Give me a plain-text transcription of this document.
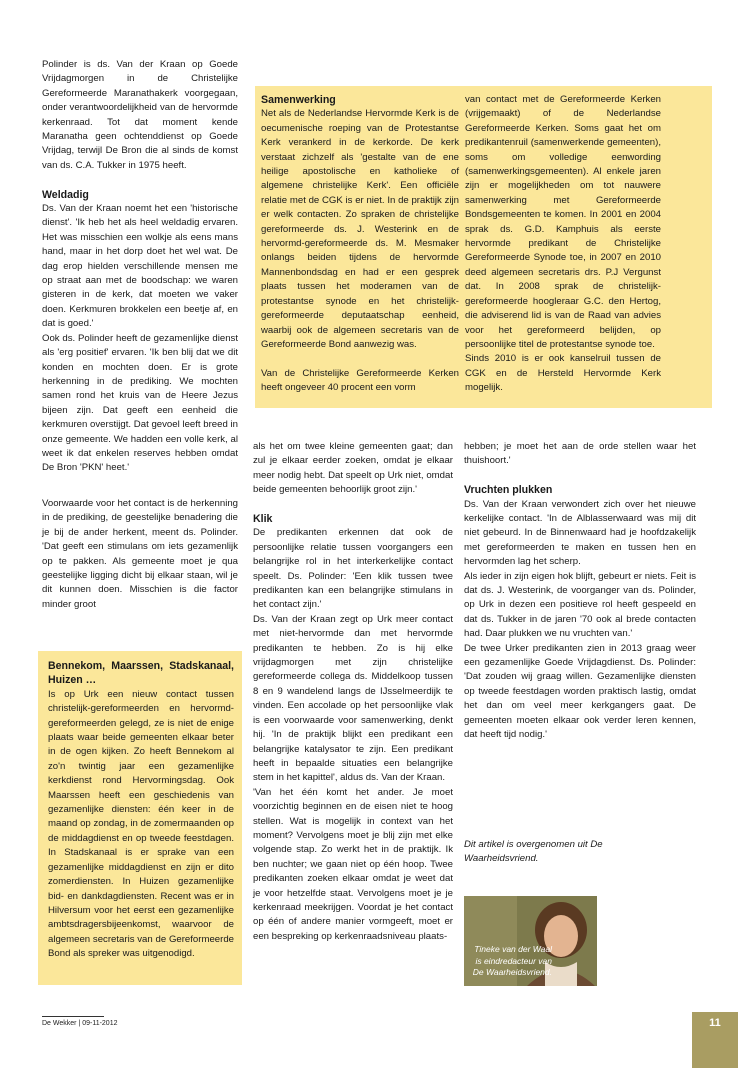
Polinder is ds. Van der Kraan op Goede Vrijdagmorgen in de Christelijke Gereformeerde Maranathakerk voorgegaan, onder verantwoordelijkheid van de hervormde kerkenraad. Tot dat moment kende Maranatha geen ochtenddienst op Goede Vrijdag, terwijl De Bron die al sinds de komst van ds. C.A. Tukker in 1975 heeft.

Weldadig

Ds. Van der Kraan noemt het een 'historische dienst'. 'Ik heb het als heel weldadig ervaren. Het was misschien een wolkje als eens mans hand, maar in het dorp doet het wel wat. De dag erop hielden verschillende mensen me op straat aan met de boodschap: we waren gisteren in de kerk, dat moeten we vaker doen. Kerkmuren brokkelen een beetje af, en dat is goed.'

Ook ds. Polinder heeft de gezamenlijke dienst als 'erg positief' ervaren. 'Ik ben blij dat we dit konden en mochten doen. Er is grote herkenning in de prediking. We mochten samen rond het kruis van de Heere Jezus bijeen zijn. Dat geeft een eenheid die kerkmuren overstijgt. Dat gevoel leeft breed in onze gemeente. We hadden een volle kerk, al weet ik dat enkelen reserves hebben omdat De Bron 'PKN' heet.'

Voorwaarde voor het contact is de herkenning in de prediking, de geestelijke benadering die je bij de ander herkent, meent ds. Polinder. 'Dat geeft een stimulans om iets gezamenlijk op te pakken. Als gemeente moet je qua geestelijke ligging dicht bij elkaar staan, wil je dit kunnen doen. Misschien is die factor minder groot

Bennekom, Maarssen, Stadskanaal, Huizen …

Is op Urk een nieuw contact tussen christelijk-gereformeerden en hervormd-gereformeerden gelegd, ze is niet de enige plaats waar beide gemeenten elkaar beter in de ogen kijken. Zo heeft Bennekom al zo'n twintig jaar een gezamenlijke kerkdienst rond Hervormingsdag. Ook Maarssen heeft een geschiedenis van gezamenlijke diensten: één keer in de maand op zondag, in de zomermaanden op de middagdienst en op tweede feestdagen. In Stadskanaal is er sprake van een gezamenlijke middagdienst en zijn er dito zomerdiensten. In Huizen gezamenlijke bid- en dankdagdiensten. Recent was er in Hilversum voor het eerst een gezamenlijke ambtsdragersbijeenkomst, waarvoor de algemeen secretaris van de Gereformeerde Bond als spreker was uitgenodigd.

Samenwerking

Net als de Nederlandse Hervormde Kerk is de oecumenische roeping van de Protestantse Kerk verankerd in de kerkorde. De kerk verstaat zichzelf als 'gestalte van de ene heilige apostolische en katholieke of algemene christelijke Kerk'. Een officiële relatie met de CGK is er niet. In de praktijk zijn er welk contacten. Zo spraken de christelijke gereformeerde ds. J. Westerink en de hervormd-gereformeerde ds. M. Mesmaker onlangs beiden tijdens de hervormde Mannenbondsdag en had er een gesprek plaats tussen het moderamen van de protestantse synode en het christelijk-gereformeerde deputaatschap eenheid, waarbij ook de algemeen secretaris van de Gereformeerde Bond aanwezig was.

Van de Christelijke Gereformeerde Kerken heeft ongeveer 40 procent een vorm

van contact met de Gereformeerde Kerken (vrijgemaakt) of de Nederlandse Gereformeerde Kerken. Soms gaat het om predikantenruil (samenwerkende gemeenten), soms om volledige eenwording (samenwerkingsgemeenten). Al enkele jaren zijn er mogelijkheden om tot nauwere samenwerking met Gereformeerde Bondsgemeenten te komen. In 2001 en 2004 sprak ds. G.D. Kamphuis als eerste hervormde predikant de Christelijke Gereformeerde Synode toe, in 2007 en 2010 deed algemeen secretaris drs. P.J Vergunst dat. In 2008 sprak de christelijk-gereformeerde hoogleraar G.C. den Hertog, die adviserend lid is van de Raad van advies voor het gereformeerd belijden, op persoonlijke titel de protestantse synode toe.

Sinds 2010 is er ook kanselruil tussen de CGK en de Hersteld Hervormde Kerk mogelijk.

als het om twee kleine gemeenten gaat; dan zul je elkaar eerder zoeken, omdat je elkaar meer nodig hebt. Dat speelt op Urk niet, omdat beide gemeenten behoorlijk groot zijn.'

Klik

De predikanten erkennen dat ook de persoonlijke relatie tussen voorgangers een belangrijke rol in het interkerkelijke contact speelt. Ds. Polinder: 'Een klik tussen twee predikanten kan een belangrijke stimulans in het contact zijn.'

Ds. Van der Kraan zegt op Urk meer contact met niet-hervormde dan met hervormde predikanten te hebben. Zo is hij elke vrijdagmorgen met zijn christelijke gereformeerde collega ds. Middelkoop tussen 8 en 9 wandelend langs de IJsselmeerdijk te vinden. Een accolade op het persoonlijke vlak is een voorwaarde voor samenwerking, denkt hij. 'In de praktijk blijkt een predikant een belangrijke katalysator te zijn. Een predikant heeft in bepaalde situaties een belangrijke stem in het kapittel', aldus ds. Van der Kraan.

'Van het één komt het ander. Je moet voorzichtig beginnen en de eisen niet te hoog stellen. Wat is mogelijk in context van het moment? Vervolgens moet je blij zijn met elke volgende stap. Zo werkt het in de praktijk. Ik ben nuchter; we gaan niet op één hoop. Twee predikanten zoeken elkaar omdat je weet dat je voor hetzelfde staat. Vervolgens moet je je kerkenraad meekrijgen. Voordat je het contact op één of andere manier vormgeeft, moet er een bespreking op kerkenraadsniveau plaats-

hebben; je moet het aan de orde stellen waar het thuishoort.'

Vruchten plukken

Ds. Van der Kraan verwondert zich over het nieuwe kerkelijke contact. 'In de Alblasserwaard was mij dit niet gebeurd. In de Binnenwaard had je hoofdzakelijk met gereformeerden te maken en tussen hen en hervormden lag het scherp.

Als ieder in zijn eigen hok blijft, gebeurt er niets. Feit is dat ds. J. Westerink, de voorganger van ds. Polinder, op Urk in dezen een positieve rol heeft gespeeld en dat ds. Tukker in de jaren '70 ook al brede contacten had. Daar plukken we nu vruchten van.'

De twee Urker predikanten zien in 2013 graag weer een gezamenlijke Goede Vrijdagdienst. Ds. Polinder: 'Dat zouden wij graag willen. Gezamenlijke diensten op tweede feestdagen worden praktisch lastig, omdat het dan om veel meer kerkgangers gaat. De gemeenten moeten elkaar ook verder leren kennen, dat heeft tijd nodig.'

Dit artikel is overgenomen uit De Waarheidsvriend.
Tineke van der Waal is eindredacteur van De Waarheidsvriend.
De Wekker | 09-11-2012	11
